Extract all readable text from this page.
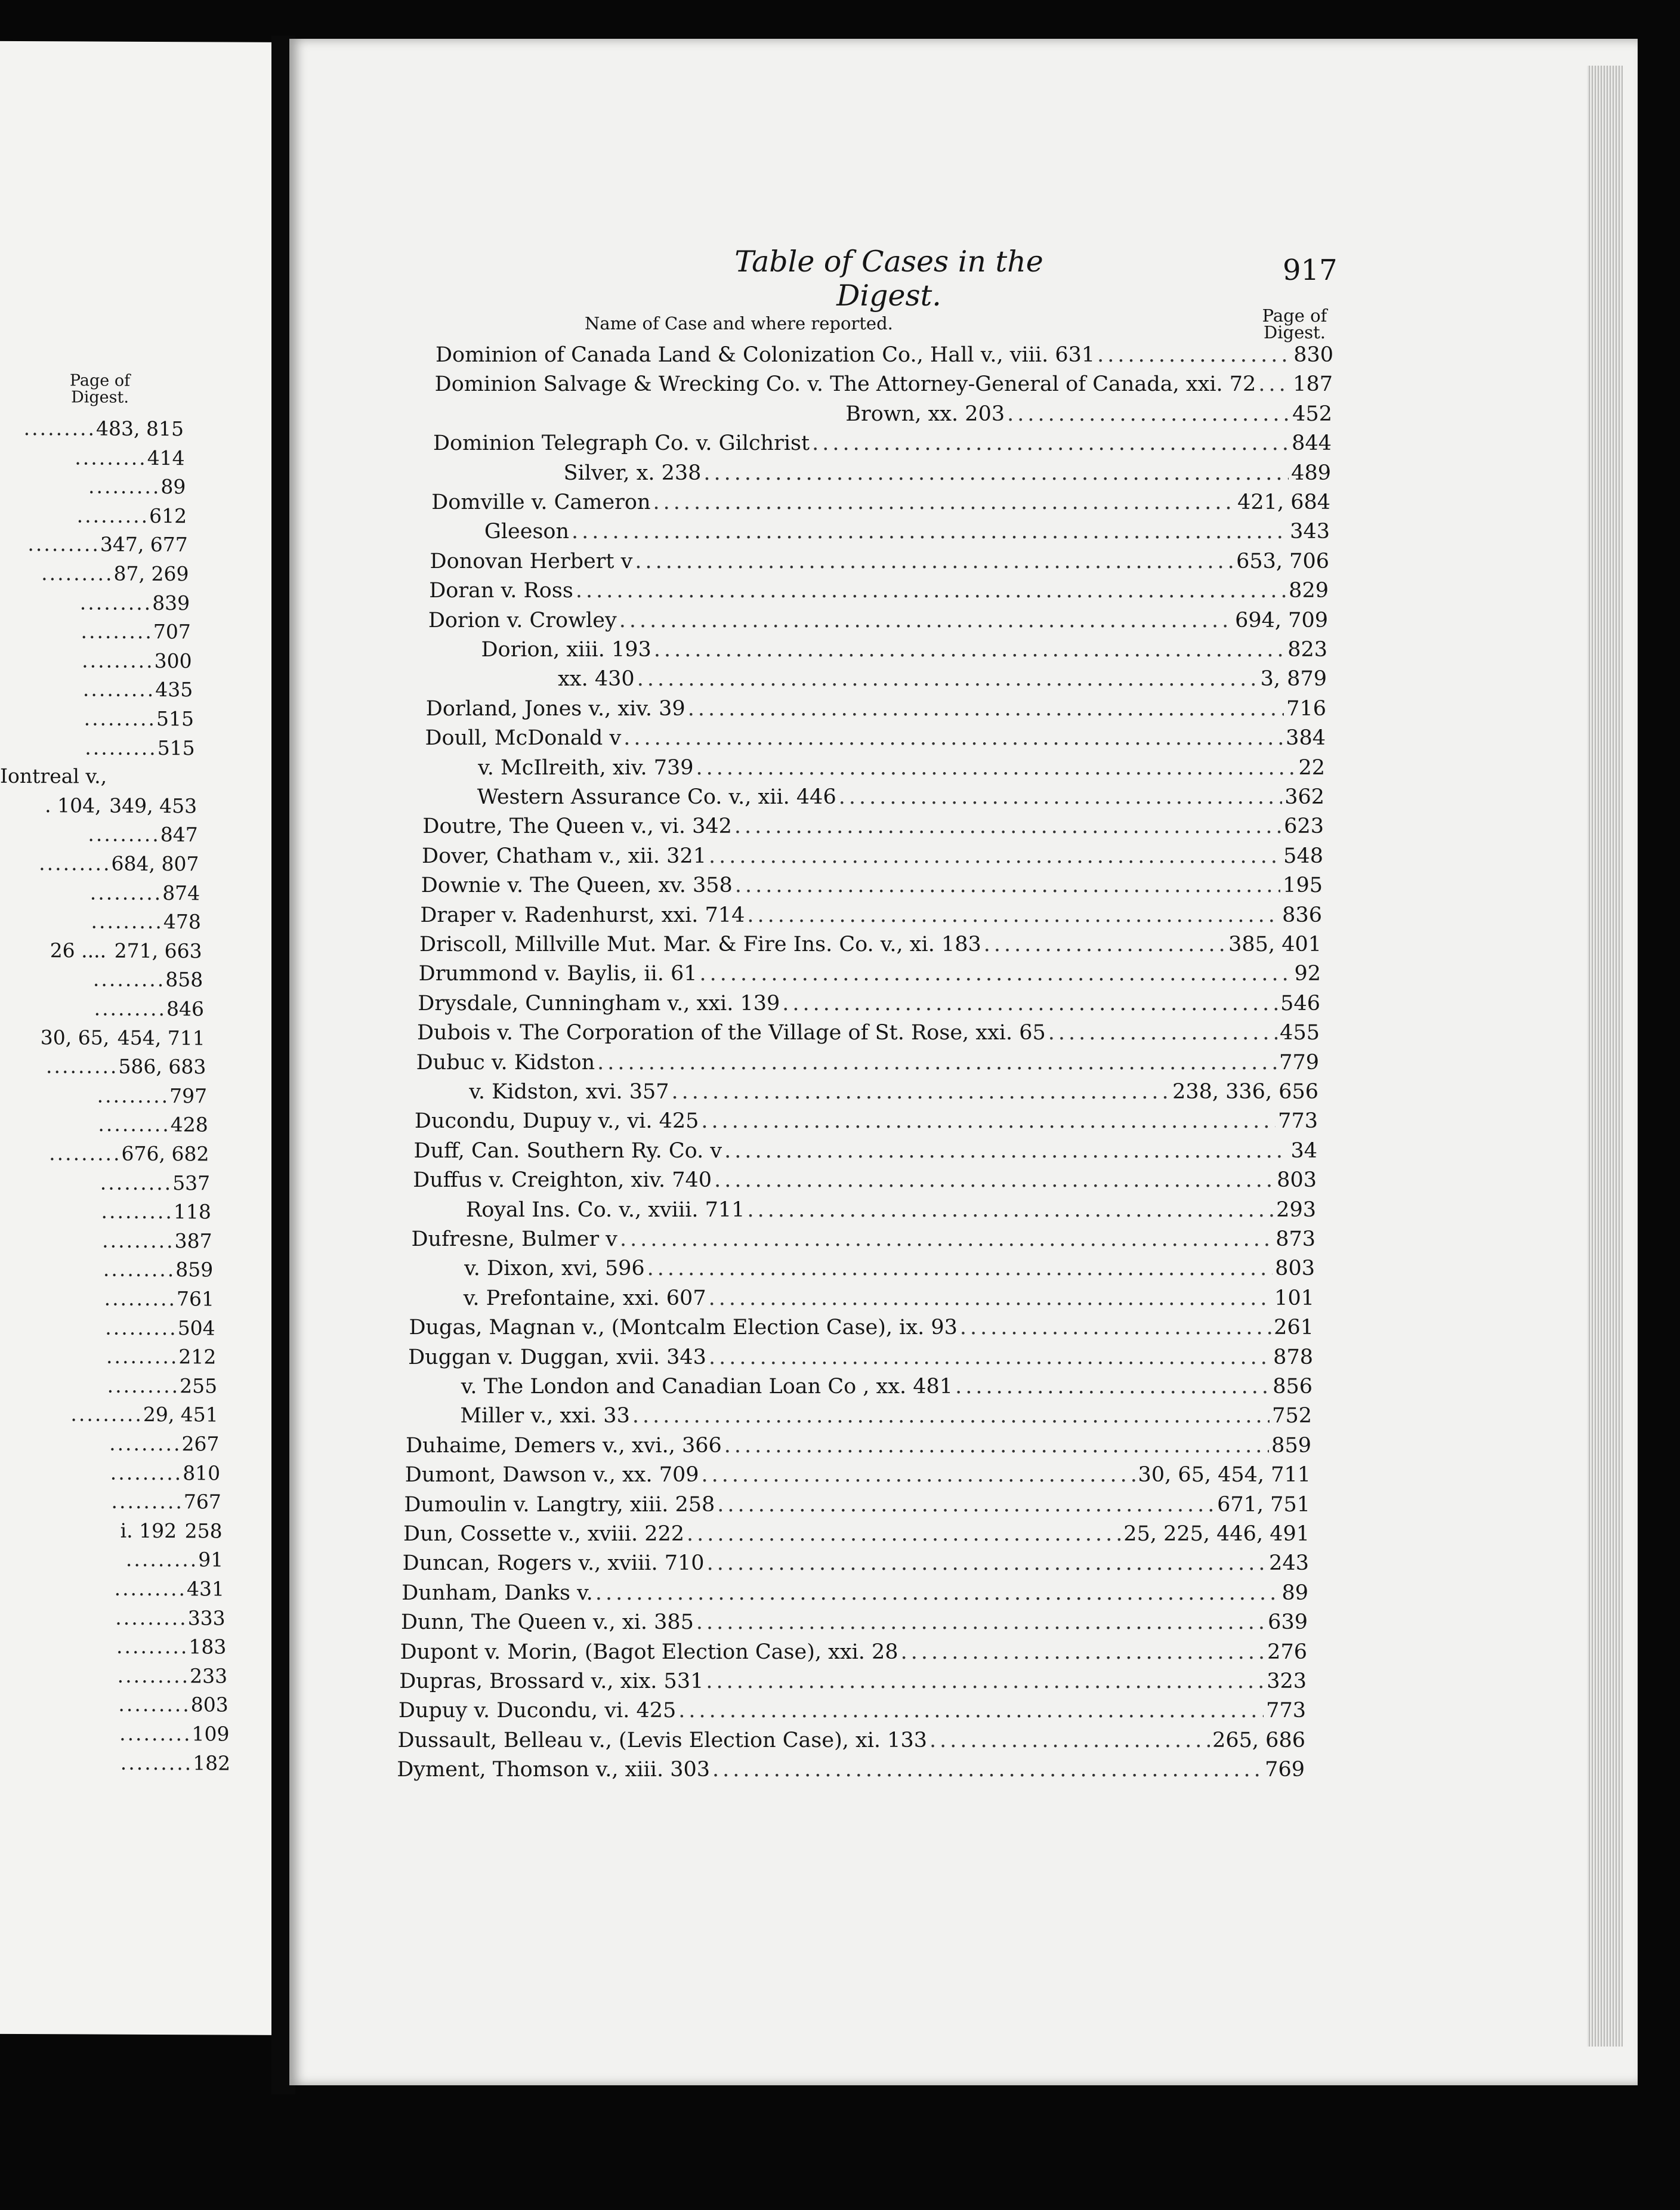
Page of Digest.
.........483, 815
.........414
.........89
.........612
.........347, 677
.........87, 269
.........839
.........707
.........300
.........435
.........515
.........515
Iontreal v.,
. 104, 349, 453
.........847
.........684, 807
.........874
.........478
26 .... 271, 663
.........858
.........846
30, 65, 454, 711
.........586, 683
.........797
.........428
.........676, 682
.........537
.........118
.........387
.........859
.........761
.........504
.........212
.........255
.........29, 451
.........267
.........810
.........767
i. 192 258
.........91
.........431
.........333
.........183
.........233
.........803
.........109
.........182
Table of Cases in the Digest.
917
Name of Case and where reported.	Page of Digest.
Dominion of Canada Land & Colonization Co., Hall v., viii. 631 .....	830
Dominion Salvage & Wrecking Co. v. The Attorney-General of Canada, xxi. 72 ..... 187
Brown, xx. 203 .....	452
Dominion Telegraph Co. v. Gilchrist .....	844
Silver, x. 238 .....	489
Domville v. Cameron .....	421, 684
Gleeson .....	343
Donovan Herbert v .....	653, 706
Doran v. Ross .....	829
Dorion v. Crowley .....	694, 709
Dorion, xiii. 193 .....	823
xx. 430 .....	3, 879
Dorland, Jones v., xiv. 39 .....	716
Doull, McDonald v .....	384
v. McIlreith, xiv. 739 .....	22
Western Assurance Co. v., xii. 446 .....	362
Doutre, The Queen v., vi. 342 .....	623
Dover, Chatham v., xii. 321 .....	548
Downie v. The Queen, xv. 358 .....	195
Draper v. Radenhurst, xxi. 714 .....	836
Driscoll, Millville Mut. Mar. & Fire Ins. Co. v., xi. 183 .....	385, 401
Drummond v. Baylis, ii. 61 .....	92
Drysdale, Cunningham v., xxi. 139 .....	546
Dubois v. The Corporation of the Village of St. Rose, xxi. 65 .....	455
Dubuc v. Kidston .....	779
v. Kidston, xvi. 357 .....	238, 336, 656
Ducondu, Dupuy v., vi. 425 .....	773
Duff, Can. Southern Ry. Co. v .....	34
Duffus v. Creighton, xiv. 740 .....	803
Royal Ins. Co. v., xviii. 711 .....	293
Dufresne, Bulmer v .....	873
v. Dixon, xvi, 596 .....	803
v. Prefontaine, xxi. 607 .....	101
Dugas, Magnan v., (Montcalm Election Case), ix. 93 .....	261
Duggan v. Duggan, xvii. 343 .....	878
v. The London and Canadian Loan Co , xx. 481 .....	856
Miller v., xxi. 33 .....	752
Duhaime, Demers v., xvi., 366 .....	859
Dumont, Dawson v., xx. 709 .....	30, 65, 454, 711
Dumoulin v. Langtry, xiii. 258 .....	671, 751
Dun, Cossette v., xviii. 222 .....	25, 225, 446, 491
Duncan, Rogers v., xviii. 710 .....	243
Dunham, Danks v. .....	89
Dunn, The Queen v., xi. 385 .....	639
Dupont v. Morin, (Bagot Election Case), xxi. 28 .....	276
Dupras, Brossard v., xix. 531 .....	323
Dupuy v. Ducondu, vi. 425 .....	773
Dussault, Belleau v., (Levis Election Case), xi. 133 .....	265, 686
Dyment, Thomson v., xiii. 303 .....	769
